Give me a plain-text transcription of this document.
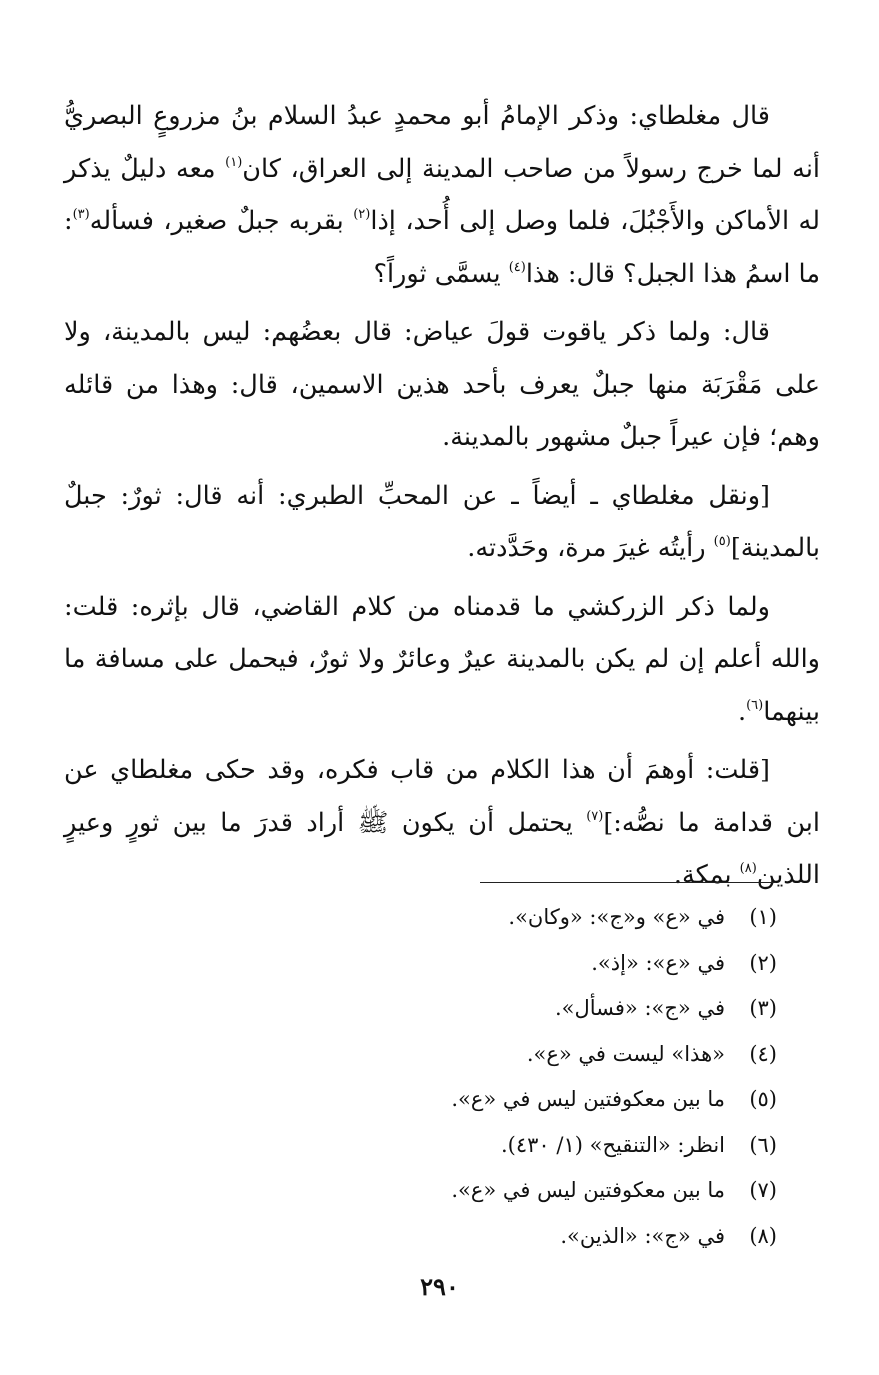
قال مغلطاي: وذكر الإمامُ أبو محمدٍ عبدُ السلام بنُ مزروعٍ البصريُّ أنه لما خرج رسولاً من صاحب المدينة إلى العراق، كان$^{(١)}$ معه دليلٌ يذكر له الأماكن والأَجْبُلَ، فلما وصل إلى أُحد، إذا$^{(٢)}$ بقربه جبلٌ صغير، فسأله$^{(٣)}$: ما اسمُ هذا الجبل؟ قال: هذا$^{(٤)}$ يسمَّى ثوراً؟

قال: ولما ذكر ياقوت قولَ عياض: قال بعضُهم: ليس بالمدينة، ولا على مَقْرَبَة منها جبلٌ يعرف بأحد هذين الاسمين، قال: وهذا من قائله وهم؛ فإن عيراً جبلٌ مشهور بالمدينة.

[ونقل مغلطاي ـ أيضاً ـ عن المحبِّ الطبري: أنه قال: ثورٌ: جبلٌ بالمدينة]$^{(٥)}$ رأيتُه غيرَ مرة، وحَدَّدته.

ولما ذكر الزركشي ما قدمناه من كلام القاضي، قال بإثره: قلت: والله أعلم إن لم يكن بالمدينة عيرٌ وعائرٌ ولا ثورٌ، فيحمل على مسافة ما بينهما$^{(٦)}$.

[قلت: أوهمَ أن هذا الكلام من قاب فكره، وقد حكى مغلطاي عن ابن قدامة ما نصُّه:]$^{(٧)}$ يحتمل أن يكون ﷺ أراد قدرَ ما بين ثورٍ وعيرٍ اللذين$^{(٨)}$ بمكة.

(١)في «ع» و«ج»: «وكان».
(٢)في «ع»: «إذ».
(٣)في «ج»: «فسأل».
(٤)«هذا» ليست في «ع».
(٥)ما بين معكوفتين ليس في «ع».
(٦)انظر: «التنقيح» (١/ ٤٣٠).
(٧)ما بين معكوفتين ليس في «ع».
(٨)في «ج»: «الذين».
٢٩٠
